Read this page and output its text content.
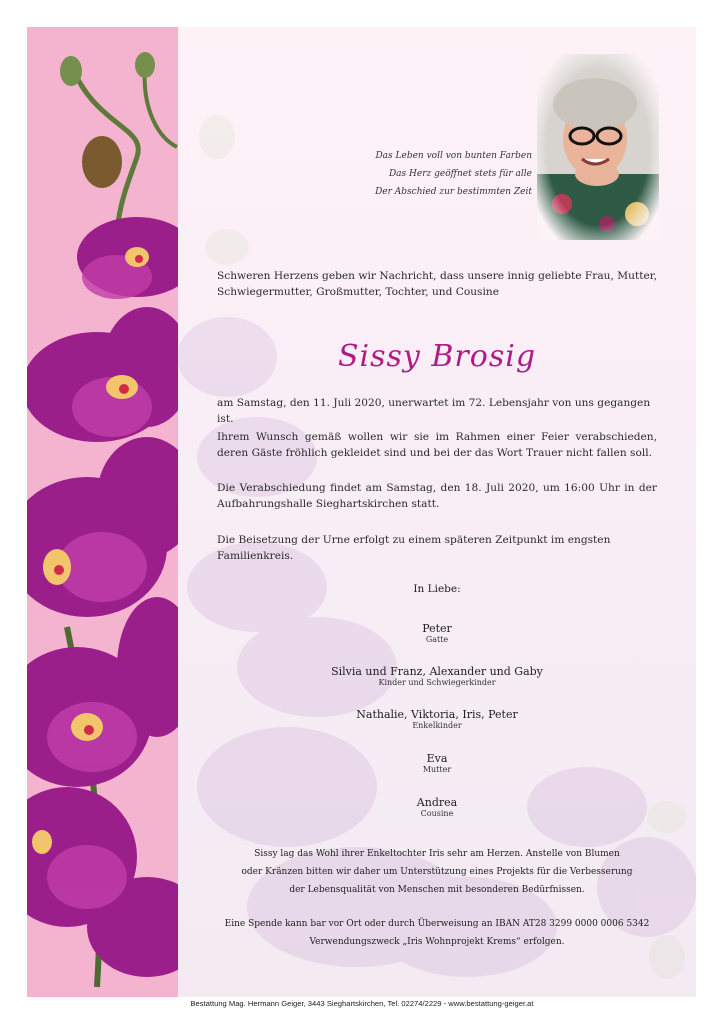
Das Leben voll von bunten Farben
Das Herz geöffnet stets für alle
Der Abschied zur bestimmten Zeit
Schweren Herzens geben wir Nachricht, dass unsere innig geliebte Frau, Mutter, Schwiegermutter, Großmutter, Tochter, und Cousine
Sissy Brosig
am Samstag, den 11. Juli 2020, unerwartet im 72. Lebensjahr von uns gegangen ist.
Ihrem Wunsch gemäß wollen wir sie im Rahmen einer Feier verabschieden, deren Gäste fröhlich gekleidet sind und bei der das Wort Trauer nicht fallen soll.
Die Verabschiedung findet am Samstag, den 18. Juli 2020, um 16:00 Uhr in der Aufbahrungshalle Sieghartskirchen statt.
Die Beisetzung der Urne erfolgt zu einem späteren Zeitpunkt im engsten Familienkreis.
In Liebe:
Peter
Gatte
Silvia und Franz, Alexander und Gaby
Kinder und Schwiegerkinder
Nathalie, Viktoria, Iris, Peter
Enkelkinder
Eva
Mutter
Andrea
Cousine
Sissy lag das Wohl ihrer Enkeltochter Iris sehr am Herzen. Anstelle von Blumen
oder Kränzen bitten wir daher um Unterstützung eines Projekts für die Verbesserung
der Lebensqualität von Menschen mit besonderen Bedürfnissen.
Eine Spende kann bar vor Ort oder durch Überweisung an IBAN AT28 3299 0000 0006 5342
Verwendungszweck „Iris Wohnprojekt Krems“ erfolgen.
Bestattung Mag. Hermann Geiger, 3443 Sieghartskirchen, Tel. 02274/2229 - www.bestattung-geiger.at
